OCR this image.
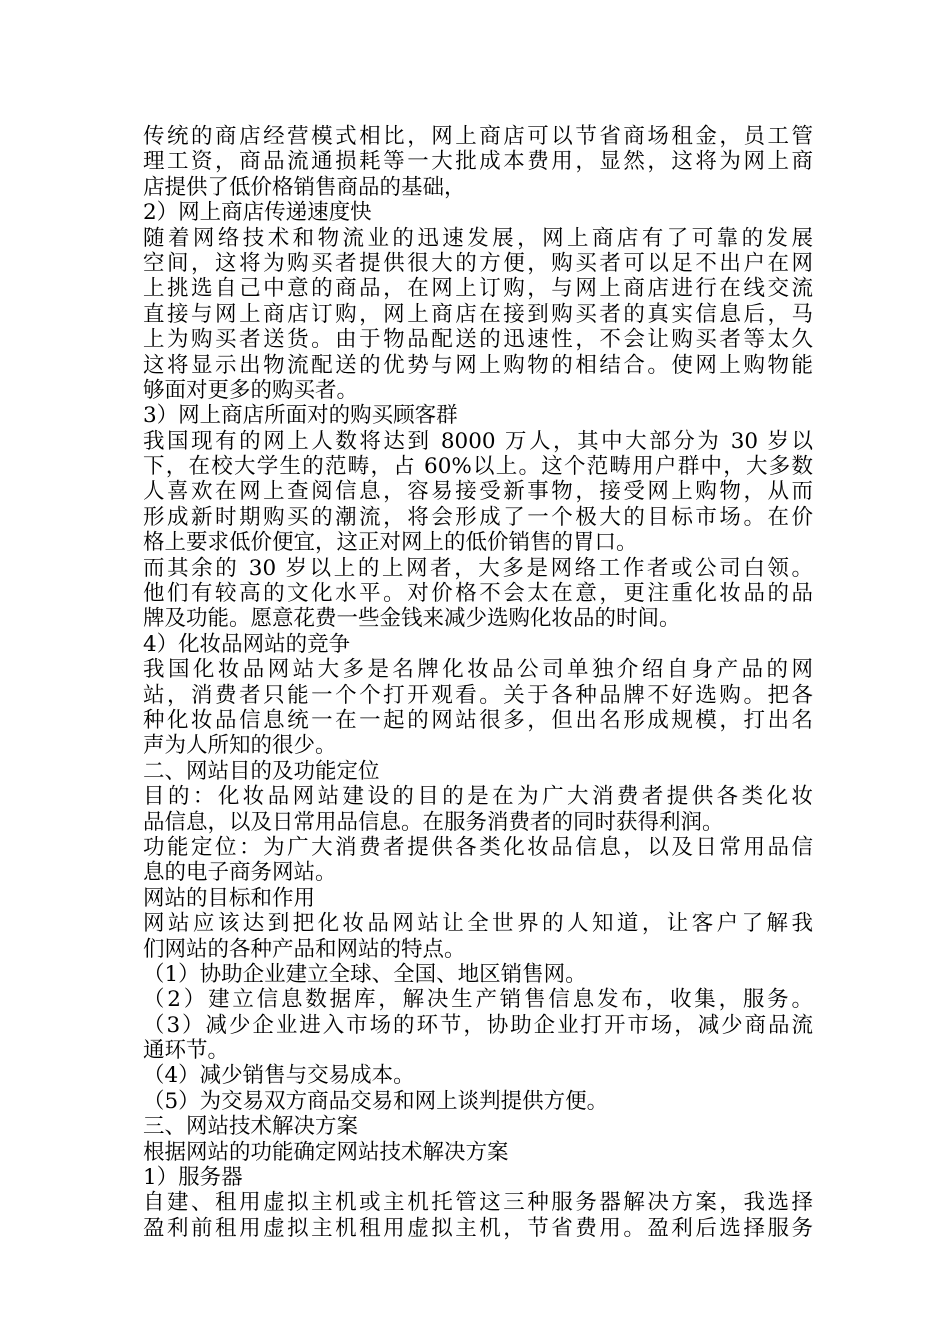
传统的商店经营模式相比，网上商店可以节省商场租金，员工管
理工资，商品流通损耗等一大批成本费用，显然，这将为网上商
店提供了低价格销售商品的基础，
2）网上商店传递速度快
随着网络技术和物流业的迅速发展，网上商店有了可靠的发展
空间，这将为购买者提供很大的方便，购买者可以足不出户在网
上挑选自己中意的商品，在网上订购，与网上商店进行在线交流
直接与网上商店订购，网上商店在接到购买者的真实信息后，马
上为购买者送货。由于物品配送的迅速性，不会让购买者等太久
这将显示出物流配送的优势与网上购物的相结合。使网上购物能
够面对更多的购买者。
3）网上商店所面对的购买顾客群
我国现有的网上人数将达到 8000 万人，其中大部分为 30 岁以
下，在校大学生的范畴，占 60%以上。这个范畴用户群中，大多数
人喜欢在网上查阅信息，容易接受新事物，接受网上购物，从而
形成新时期购买的潮流，将会形成了一个极大的目标市场。在价
格上要求低价便宜，这正对网上的低价销售的胃口。
而其余的 30 岁以上的上网者，大多是网络工作者或公司白领。
他们有较高的文化水平。对价格不会太在意，更注重化妆品的品
牌及功能。愿意花费一些金钱来减少选购化妆品的时间。
4）化妆品网站的竞争
我国化妆品网站大多是名牌化妆品公司单独介绍自身产品的网
站，消费者只能一个个打开观看。关于各种品牌不好选购。把各
种化妆品信息统一在一起的网站很多，但出名形成规模，打出名
声为人所知的很少。
二、网站目的及功能定位
目的：化妆品网站建设的目的是在为广大消费者提供各类化妆
品信息，以及日常用品信息。在服务消费者的同时获得利润。
功能定位：为广大消费者提供各类化妆品信息，以及日常用品信
息的电子商务网站。
网站的目标和作用
网站应该达到把化妆品网站让全世界的人知道，让客户了解我
们网站的各种产品和网站的特点。
（1）协助企业建立全球、全国、地区销售网。
（2）建立信息数据库，解决生产销售信息发布，收集，服务。
（3）减少企业进入市场的环节，协助企业打开市场，减少商品流
通环节。
（4）减少销售与交易成本。
（5）为交易双方商品交易和网上谈判提供方便。
三、网站技术解决方案
根据网站的功能确定网站技术解决方案
1）服务器
自建、租用虚拟主机或主机托管这三种服务器解决方案，我选择
盈利前租用虚拟主机租用虚拟主机，节省费用。盈利后选择服务
